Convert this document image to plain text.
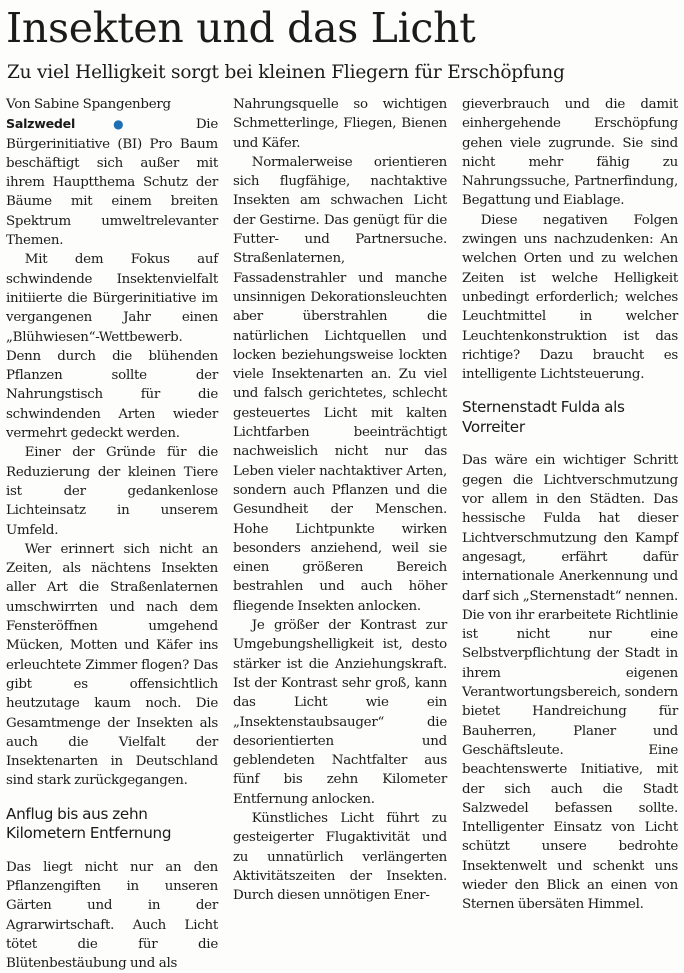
Insekten und das Licht
Zu viel Helligkeit sorgt bei kleinen Fliegern für Erschöpfung

Von Sabine Spangenberg

Salzwedel	●	Die Bürgerinitiative (BI) Pro Baum beschäftigt sich außer mit ihrem Hauptthema Schutz der Bäume mit einem breiten Spektrum umweltrelevanter Themen.

Mit dem Fokus auf schwindende Insektenvielfalt initiierte die Bürgerinitiative im vergangenen Jahr einen „Blühwiesen“-Wettbewerb. Denn durch die blühenden Pflanzen sollte der Nahrungstisch für die schwindenden Arten wieder vermehrt gedeckt werden.

Einer der Gründe für die Reduzierung der kleinen Tiere ist der gedankenlose Lichteinsatz in unserem Umfeld.

Wer erinnert sich nicht an Zeiten, als nächtens Insekten aller Art die Straßenlaternen umschwirrten und nach dem Fensteröffnen umgehend Mücken, Motten und Käfer ins erleuchtete Zimmer flogen? Das gibt es offensichtlich heutzutage kaum noch. Die Gesamtmenge der Insekten als auch die Vielfalt der Insektenarten in Deutschland sind stark zurückgegangen.

Anflug bis aus zehn Kilometern Entfernung

Das liegt nicht nur an den Pflanzengiften in unseren Gärten und in der Agrarwirtschaft. Auch Licht tötet die für die Blütenbestäubung und als

Nahrungsquelle so wichtigen Schmetterlinge, Fliegen, Bienen und Käfer.

Normalerweise orientieren sich flugfähige, nachtaktive Insekten am schwachen Licht der Gestirne. Das genügt für die Futter- und Partnersuche. Straßenlaternen, Fassadenstrahler und manche unsinnigen Dekorationsleuchten aber überstrahlen die natürlichen Lichtquellen und locken beziehungsweise lockten viele Insektenarten an. Zu viel und falsch gerichtetes, schlecht gesteuertes Licht mit kalten Lichtfarben beeinträchtigt nachweislich nicht nur das Leben vieler nachtaktiver Arten, sondern auch Pflanzen und die Gesundheit der Menschen. Hohe Lichtpunkte wirken besonders anziehend, weil sie einen größeren Bereich bestrahlen und auch höher fliegende Insekten anlocken.

Je größer der Kontrast zur Umgebungshelligkeit ist, desto stärker ist die Anziehungskraft. Ist der Kontrast sehr groß, kann das Licht wie ein „Insektenstaubsauger“ die desorientierten und geblendeten Nachtfalter aus fünf bis zehn Kilometer Entfernung anlocken.

Künstliches Licht führt zu gesteigerter Flugaktivität und zu unnatürlich verlängerten Aktivitätszeiten der Insekten. Durch diesen unnötigen Ener-

gieverbrauch und die damit einhergehende Erschöpfung gehen viele zugrunde. Sie sind nicht mehr fähig zu Nahrungssuche, Partnerfindung, Begattung und Eiablage.

Diese negativen Folgen zwingen uns nachzudenken: An welchen Orten und zu welchen Zeiten ist welche Helligkeit unbedingt erforderlich; welches Leuchtmittel in welcher Leuchtenkonstruktion ist das richtige? Dazu braucht es intelligente Lichtsteuerung.

Sternenstadt Fulda als Vorreiter

Das wäre ein wichtiger Schritt gegen die Lichtverschmutzung vor allem in den Städten. Das hessische Fulda hat dieser Lichtverschmutzung den Kampf angesagt, erfährt dafür internationale Anerkennung und darf sich „Sternenstadt“ nennen. Die von ihr erarbeitete Richtlinie ist nicht nur eine Selbstverpflichtung der Stadt in ihrem eigenen Verantwortungsbereich, sondern bietet Handreichung für Bauherren, Planer und Geschäftsleute. Eine beachtenswerte Initiative, mit der sich auch die Stadt Salzwedel befassen sollte. Intelligenter Einsatz von Licht schützt unsere bedrohte Insektenwelt und schenkt uns wieder den Blick an einen von Sternen übersäten Himmel.
